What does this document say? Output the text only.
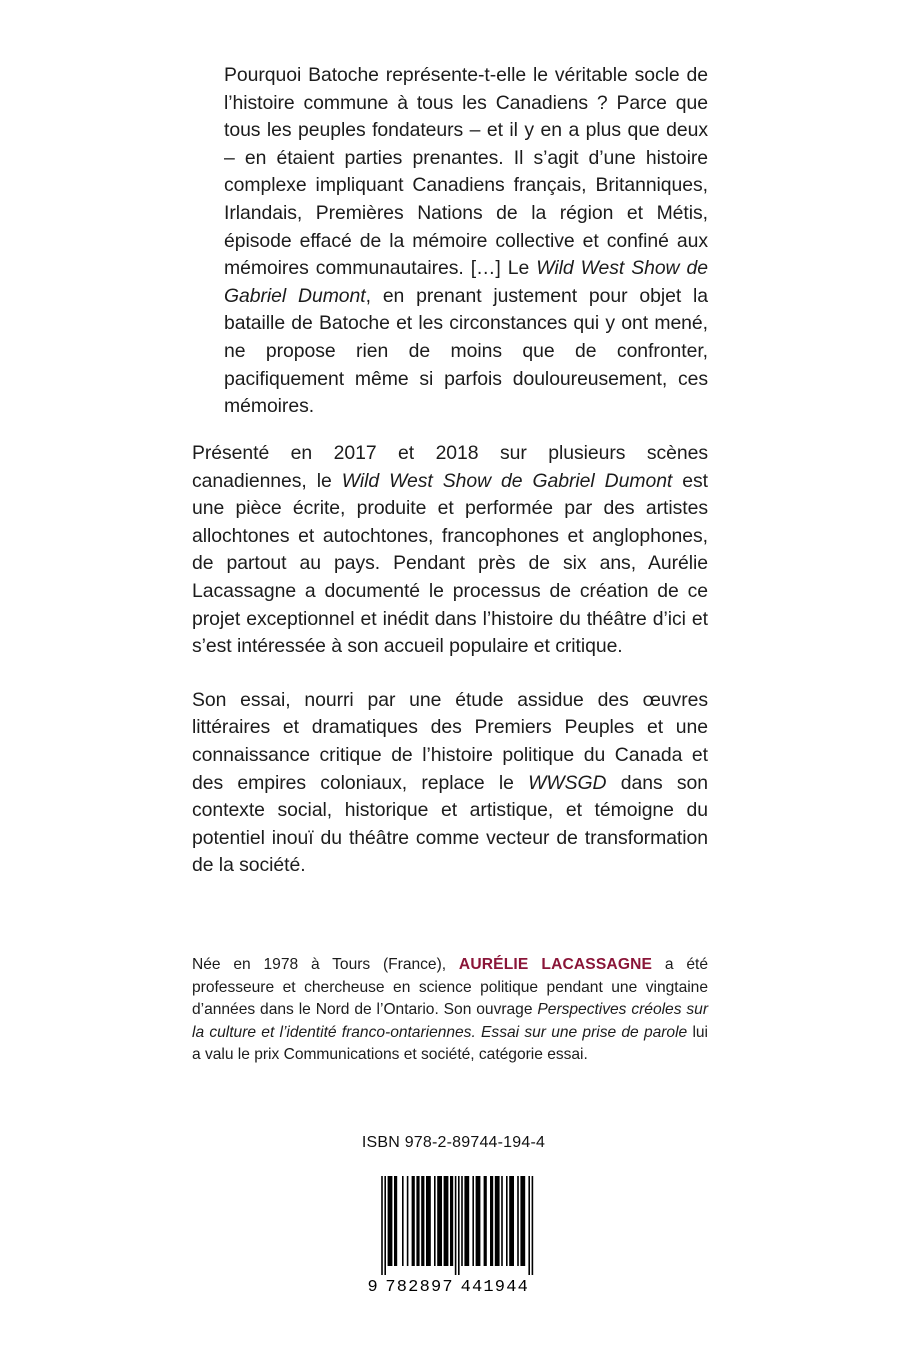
Pourquoi Batoche représente-t-elle le véritable socle de l’histoire commune à tous les Canadiens ? Parce que tous les peuples fondateurs – et il y en a plus que deux – en étaient parties prenantes. Il s’agit d’une histoire complexe impliquant Canadiens français, Britanniques, Irlandais, Premières Nations de la région et Métis, épisode effacé de la mémoire collective et confiné aux mémoires communautaires. […] Le Wild West Show de Gabriel Dumont, en prenant justement pour objet la bataille de Batoche et les circonstances qui y ont mené, ne propose rien de moins que de confronter, pacifiquement même si parfois douloureusement, ces mémoires.

Présenté en 2017 et 2018 sur plusieurs scènes canadiennes, le Wild West Show de Gabriel Dumont est une pièce écrite, produite et performée par des artistes allochtones et autochtones, francophones et anglophones, de partout au pays. Pendant près de six ans, Aurélie Lacassagne a documenté le processus de création de ce projet exceptionnel et inédit dans l’histoire du théâtre d’ici et s’est intéressée à son accueil populaire et critique.

Son essai, nourri par une étude assidue des œuvres littéraires et dramatiques des Premiers Peuples et une connaissance critique de l’histoire politique du Canada et des empires coloniaux, replace le WWSGD dans son contexte social, historique et artistique, et témoigne du potentiel inouï du théâtre comme vecteur de transformation de la société.

Née en 1978 à Tours (France), AURÉLIE LACASSAGNE a été professeure et chercheuse en science politique pendant une vingtaine d’années dans le Nord de l’Ontario. Son ouvrage Perspectives créoles sur la culture et l’identité franco-ontariennes. Essai sur une prise de parole lui a valu le prix Communications et société, catégorie essai.

ISBN 978-2-89744-194-4
9 782897 441944
